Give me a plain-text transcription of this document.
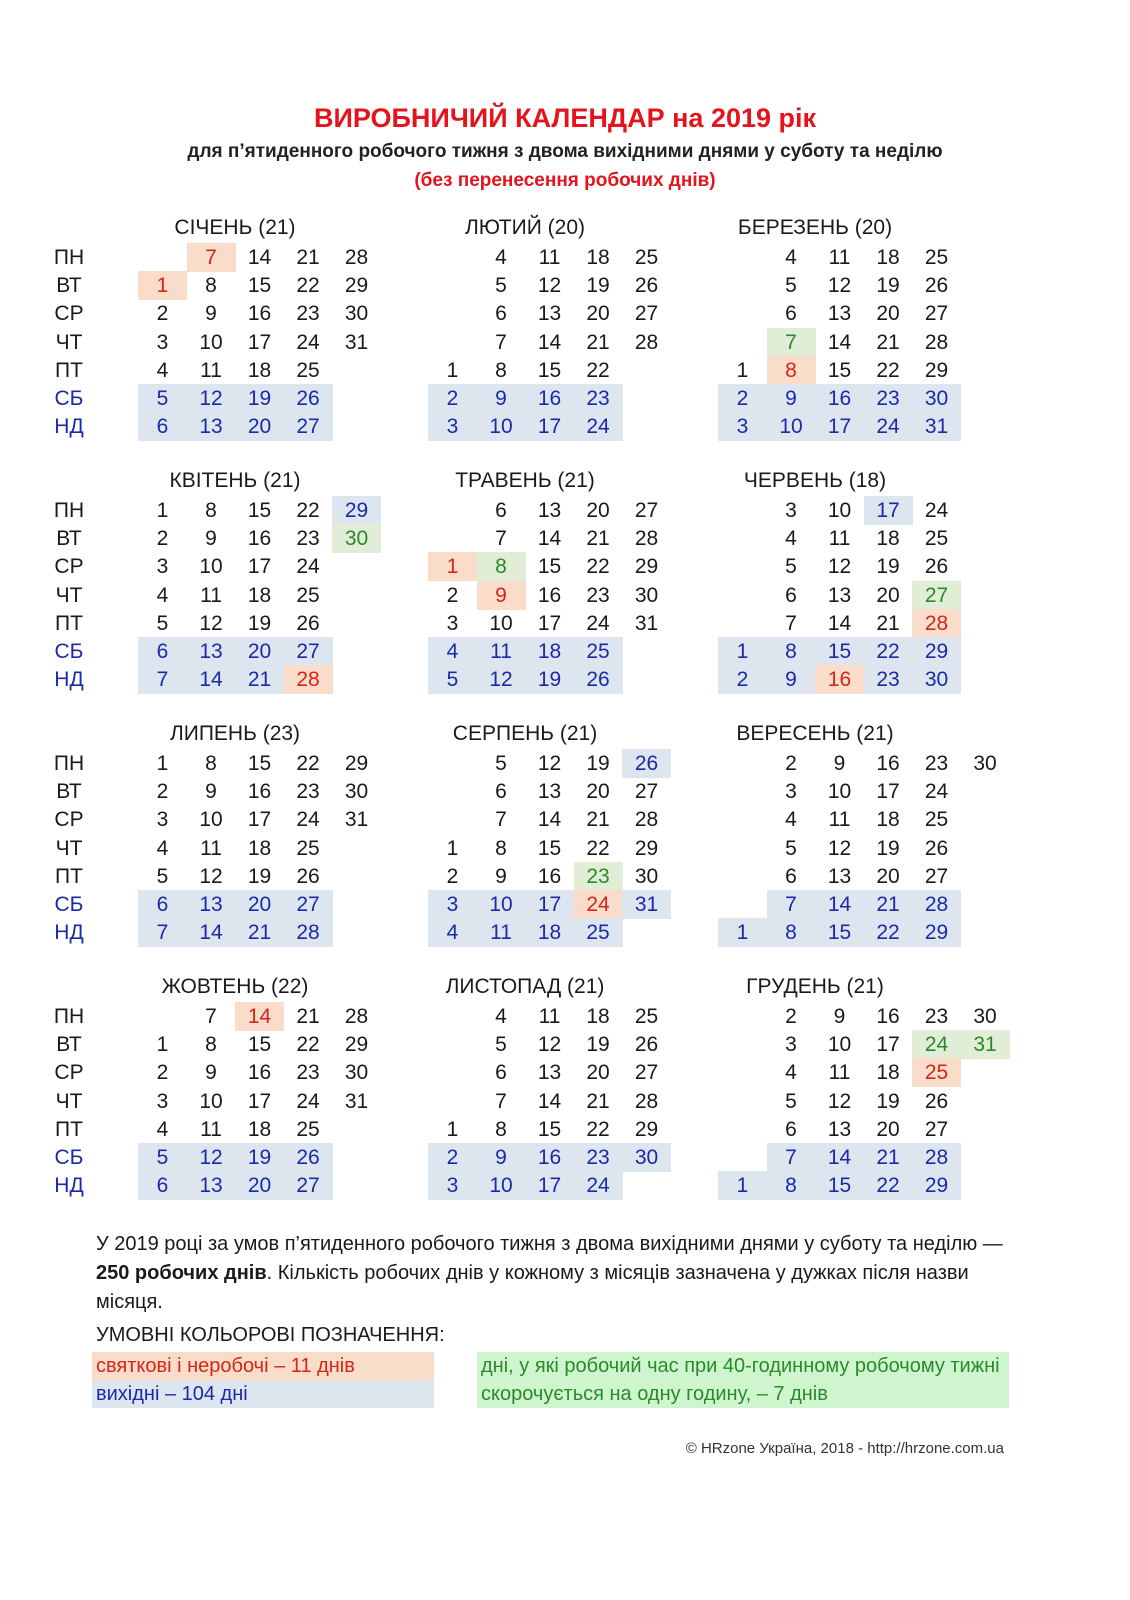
ВИРОБНИЧИЙ КАЛЕНДАР на 2019 рік
для п’ятиденного робочого тижня з двома вихідними днями у суботу та неділю
(без перенесення робочих днів)
ПН
ВТ
СР
ЧТ
ПТ
СБ
НД
ПН
ВТ
СР
ЧТ
ПТ
СБ
НД
ПН
ВТ
СР
ЧТ
ПТ
СБ
НД
ПН
ВТ
СР
ЧТ
ПТ
СБ
НД
СІЧЕНЬ (21)
1
2
3
4
5
6
7
8
9
10
11
12
13
14
15
16
17
18
19
20
21
22
23
24
25
26
27
28
29
30
31
ЛЮТИЙ (20)
1
2
3
4
5
6
7
8
9
10
11
12
13
14
15
16
17
18
19
20
21
22
23
24
25
26
27
28
БЕРЕЗЕНЬ (20)
1
2
3
4
5
6
7
8
9
10
11
12
13
14
15
16
17
18
19
20
21
22
23
24
25
26
27
28
29
30
31
КВІТЕНЬ (21)
1
2
3
4
5
6
7
8
9
10
11
12
13
14
15
16
17
18
19
20
21
22
23
24
25
26
27
28
29
30
ТРАВЕНЬ (21)
1
2
3
4
5
6
7
8
9
10
11
12
13
14
15
16
17
18
19
20
21
22
23
24
25
26
27
28
29
30
31
ЧЕРВЕНЬ (18)
1
2
3
4
5
6
7
8
9
10
11
12
13
14
15
16
17
18
19
20
21
22
23
24
25
26
27
28
29
30
ЛИПЕНЬ (23)
1
2
3
4
5
6
7
8
9
10
11
12
13
14
15
16
17
18
19
20
21
22
23
24
25
26
27
28
29
30
31
СЕРПЕНЬ (21)
1
2
3
4
5
6
7
8
9
10
11
12
13
14
15
16
17
18
19
20
21
22
23
24
25
26
27
28
29
30
31
ВЕРЕСЕНЬ (21)
1
2
3
4
5
6
7
8
9
10
11
12
13
14
15
16
17
18
19
20
21
22
23
24
25
26
27
28
29
30
ЖОВТЕНЬ (22)
1
2
3
4
5
6
7
8
9
10
11
12
13
14
15
16
17
18
19
20
21
22
23
24
25
26
27
28
29
30
31
ЛИСТОПАД (21)
1
2
3
4
5
6
7
8
9
10
11
12
13
14
15
16
17
18
19
20
21
22
23
24
25
26
27
28
29
30
ГРУДЕНЬ (21)
1
2
3
4
5
6
7
8
9
10
11
12
13
14
15
16
17
18
19
20
21
22
23
24
25
26
27
28
29
30
31
У 2019 році за умов п’ятиденного робочого тижня з двома вихідними днями у суботу та неділю — 250 робочих днів. Кількість робочих днів у кожному з місяців зазначена у дужках після назви місяця.
УМОВНІ КОЛЬОРОВІ ПОЗНАЧЕННЯ:
святкові і неробочі – 11 днів
вихідні – 104 дні
дні, у які робочий час при 40-годинному робочому тижні скорочується на одну годину, – 7 днів
© HRzone Україна, 2018 - http://hrzone.com.ua
